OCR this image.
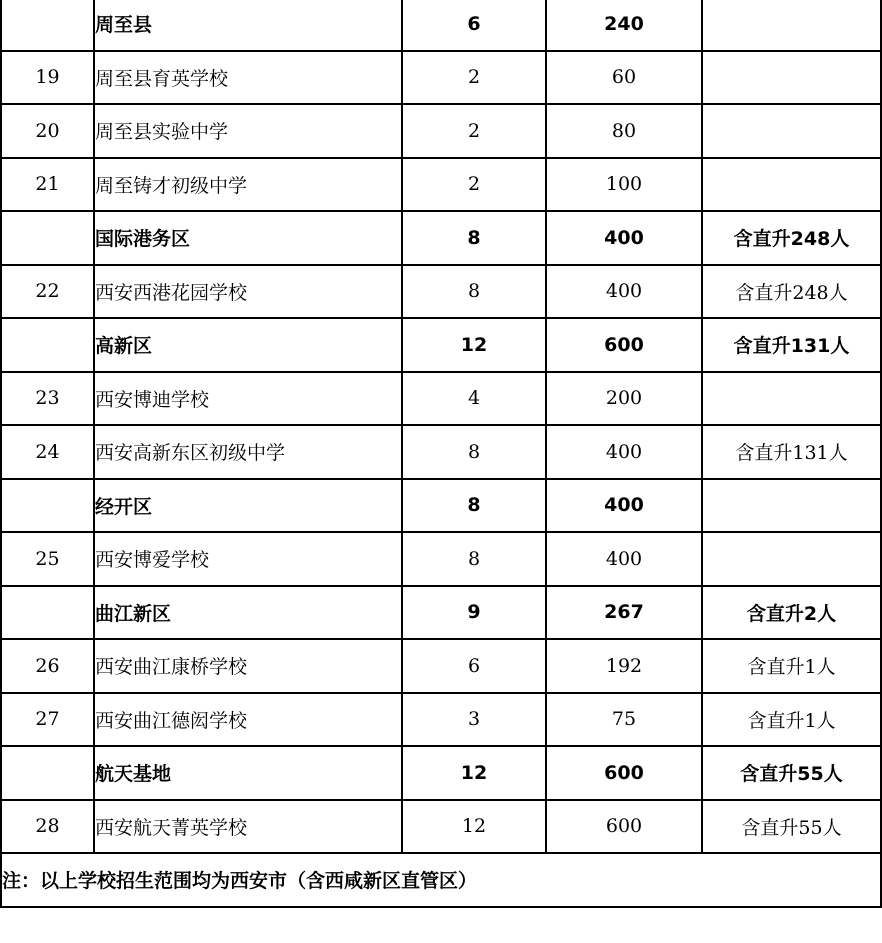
	周至县	6	240	
19	周至县育英学校	2	60	
20	周至县实验中学	2	80	
21	周至铸才初级中学	2	100	
	国际港务区	8	400	含直升248人
22	西安西港花园学校	8	400	含直升248人
	高新区	12	600	含直升131人
23	西安博迪学校	4	200	
24	西安高新东区初级中学	8	400	含直升131人
	经开区	8	400	
25	西安博爱学校	8	400	
	曲江新区	9	267	含直升2人
26	西安曲江康桥学校	6	192	含直升1人
27	西安曲江德闳学校	3	75	含直升1人
	航天基地	12	600	含直升55人
28	西安航天菁英学校	12	600	含直升55人
注：以上学校招生范围均为西安市（含西咸新区直管区）				
